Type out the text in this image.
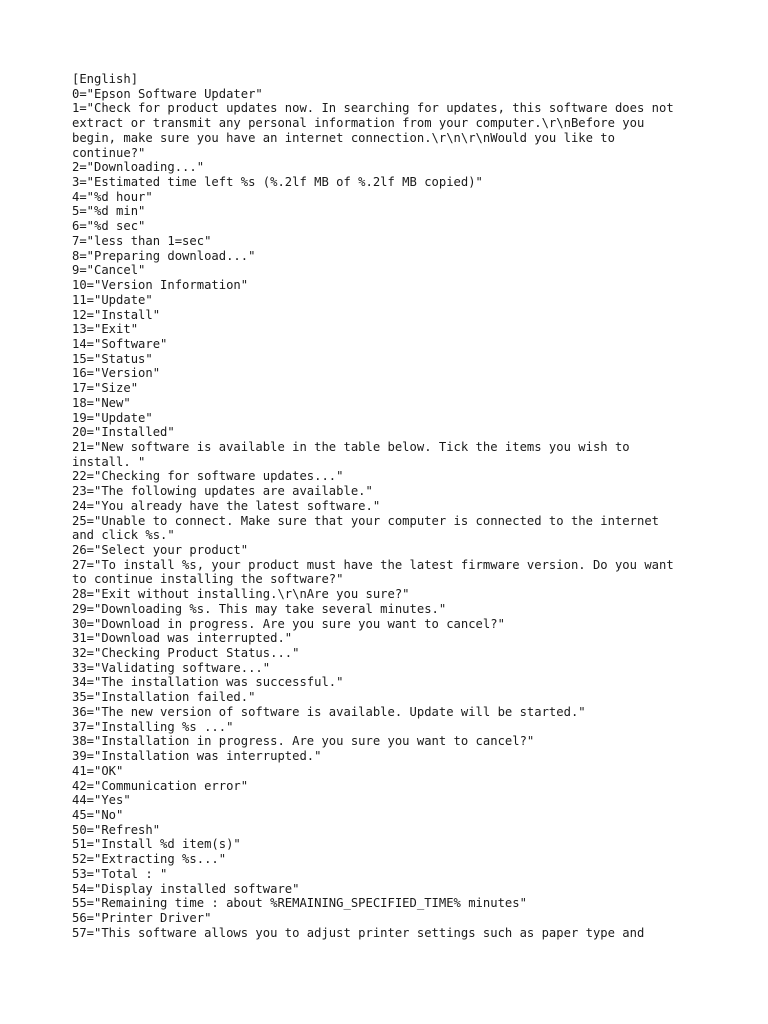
[English]
0="Epson Software Updater"
1="Check for product updates now. In searching for updates, this software does not
extract or transmit any personal information from your computer.\r\nBefore you
begin, make sure you have an internet connection.\r\n\r\nWould you like to
continue?"
2="Downloading..."
3="Estimated time left %s (%.2lf MB of %.2lf MB copied)"
4="%d hour"
5="%d min"
6="%d sec"
7="less than 1=sec"
8="Preparing download..."
9="Cancel"
10="Version Information"
11="Update"
12="Install"
13="Exit"
14="Software"
15="Status"
16="Version"
17="Size"
18="New"
19="Update"
20="Installed"
21="New software is available in the table below. Tick the items you wish to
install. "
22="Checking for software updates..."
23="The following updates are available."
24="You already have the latest software."
25="Unable to connect. Make sure that your computer is connected to the internet
and click %s."
26="Select your product"
27="To install %s, your product must have the latest firmware version. Do you want
to continue installing the software?"
28="Exit without installing.\r\nAre you sure?"
29="Downloading %s. This may take several minutes."
30="Download in progress. Are you sure you want to cancel?"
31="Download was interrupted."
32="Checking Product Status..."
33="Validating software..."
34="The installation was successful."
35="Installation failed."
36="The new version of software is available. Update will be started."
37="Installing %s ..."
38="Installation in progress. Are you sure you want to cancel?"
39="Installation was interrupted."
41="OK"
42="Communication error"
44="Yes"
45="No"
50="Refresh"
51="Install %d item(s)"
52="Extracting %s..."
53="Total : "
54="Display installed software"
55="Remaining time : about %REMAINING_SPECIFIED_TIME% minutes"
56="Printer Driver"
57="This software allows you to adjust printer settings such as paper type and
